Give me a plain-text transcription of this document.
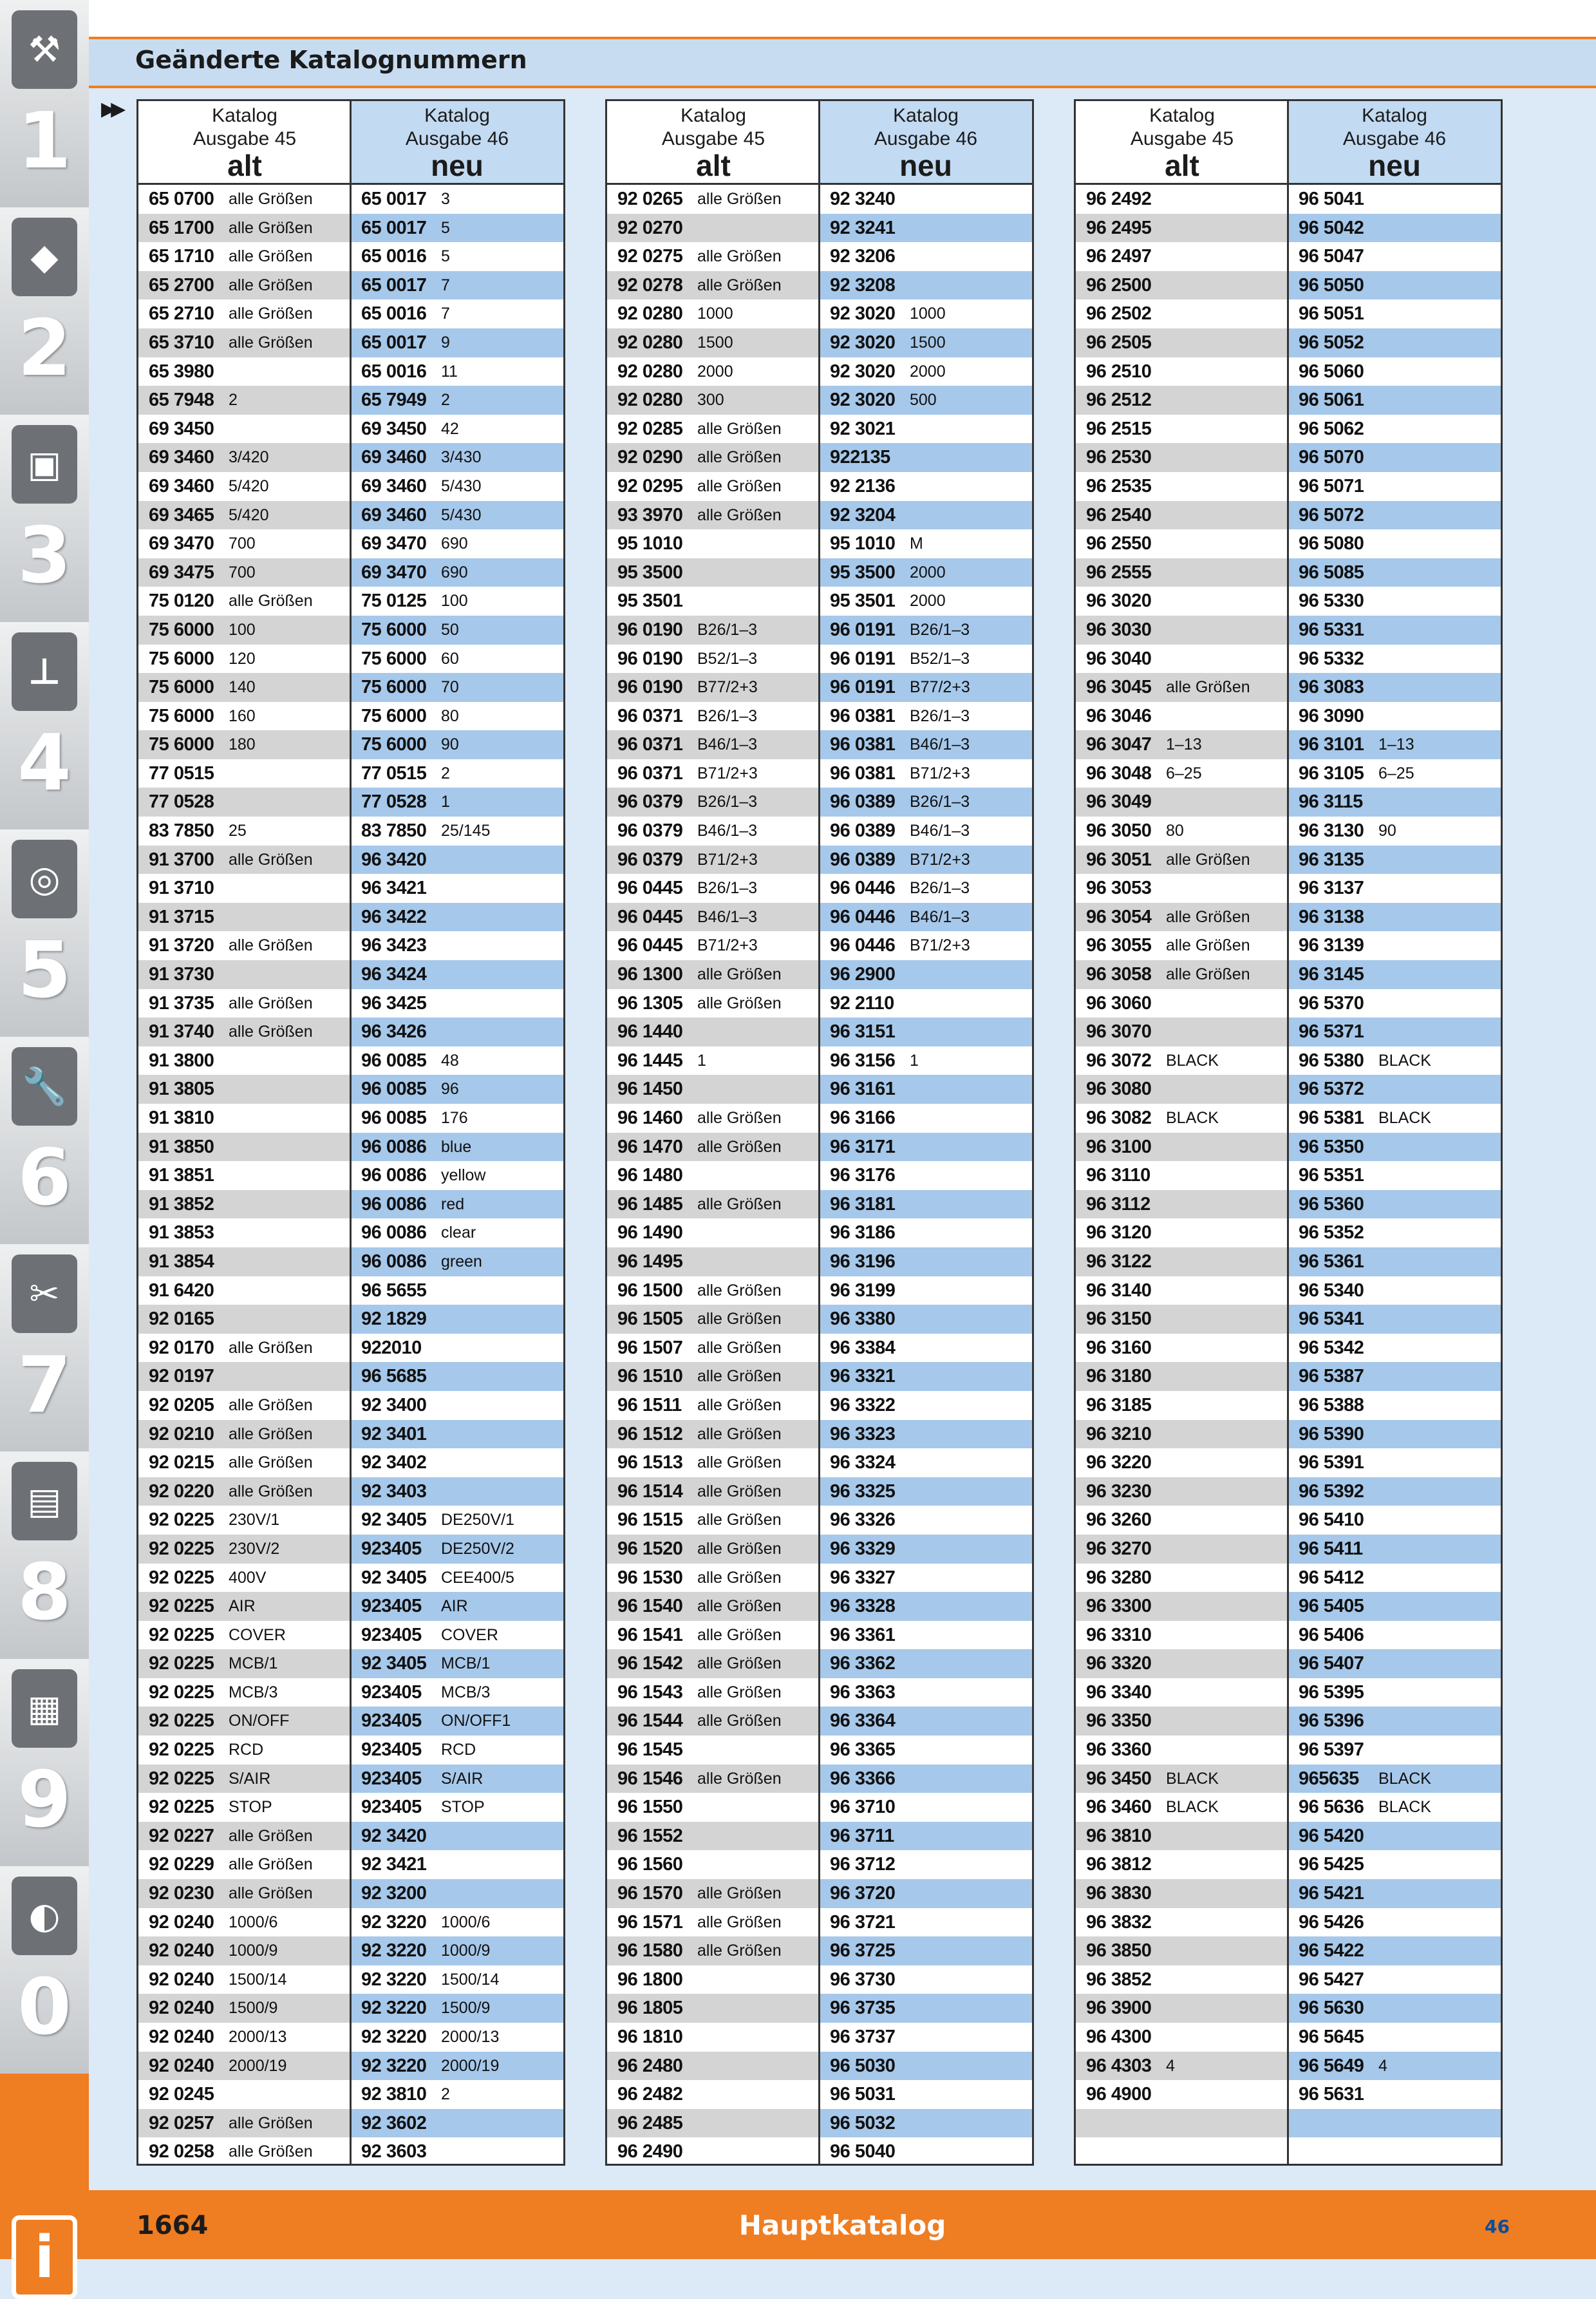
⚒
1
◆
2
▣
3
⊥
4
◎
5
🔧
6
✂
7
▤
8
▦
9
◐
0
i
Geänderte Katalognummern
▶▶	Katalog
Ausgabe 45
alt
Katalog
Ausgabe 46
neu
65 0700 alle Größen	65 0017 3
65 1700 alle Größen	65 0017 5
65 1710 alle Größen	65 0016 5
65 2700 alle Größen	65 0017 7
65 2710 alle Größen	65 0016 7
65 3710 alle Größen	65 0017 9
65 3980	65 0016 11
65 7948 2	65 7949 2
69 3450	69 3450 42
69 3460 3/420	69 3460 3/430
69 3460 5/420	69 3460 5/430
69 3465 5/420	69 3460 5/430
69 3470 700	69 3470 690
69 3475 700	69 3470 690
75 0120 alle Größen	75 0125 100
75 6000 100	75 6000 50
75 6000 120	75 6000 60
75 6000 140	75 6000 70
75 6000 160	75 6000 80
75 6000 180	75 6000 90
77 0515	77 0515 2
77 0528	77 0528 1
83 7850 25	83 7850 25/145
91 3700 alle Größen	96 3420
91 3710	96 3421
91 3715	96 3422
91 3720 alle Größen	96 3423
91 3730	96 3424
91 3735 alle Größen	96 3425
91 3740 alle Größen	96 3426
91 3800	96 0085 48
91 3805	96 0085 96
91 3810	96 0085 176
91 3850	96 0086 blue
91 3851	96 0086 yellow
91 3852	96 0086 red
91 3853	96 0086 clear
91 3854	96 0086 green
91 6420	96 5655
92 0165	92 1829
92 0170 alle Größen	922010
92 0197	96 5685
92 0205 alle Größen	92 3400
92 0210 alle Größen	92 3401
92 0215 alle Größen	92 3402
92 0220 alle Größen	92 3403
92 0225 230V/1	92 3405 DE250V/1
92 0225 230V/2	923405 DE250V/2
92 0225 400V	92 3405 CEE400/5
92 0225 AIR	923405 AIR
92 0225 COVER	923405 COVER
92 0225 MCB/1	92 3405 MCB/1
92 0225 MCB/3	923405 MCB/3
92 0225 ON/OFF	923405 ON/OFF1
92 0225 RCD	923405 RCD
92 0225 S/AIR	923405 S/AIR
92 0225 STOP	923405 STOP
92 0227 alle Größen	92 3420
92 0229 alle Größen	92 3421
92 0230 alle Größen	92 3200
92 0240 1000/6	92 3220 1000/6
92 0240 1000/9	92 3220 1000/9
92 0240 1500/14	92 3220 1500/14
92 0240 1500/9	92 3220 1500/9
92 0240 2000/13	92 3220 2000/13
92 0240 2000/19	92 3220 2000/19
92 0245	92 3810 2
92 0257 alle Größen	92 3602
92 0258 alle Größen	92 3603
Katalog
Ausgabe 45
alt
Katalog
Ausgabe 46
neu
92 0265 alle Größen	92 3240
92 0270	92 3241
92 0275 alle Größen	92 3206
92 0278 alle Größen	92 3208
92 0280 1000	92 3020 1000
92 0280 1500	92 3020 1500
92 0280 2000	92 3020 2000
92 0280 300	92 3020 500
92 0285 alle Größen	92 3021
92 0290 alle Größen	922135
92 0295 alle Größen	92 2136
93 3970 alle Größen	92 3204
95 1010	95 1010 M
95 3500	95 3500 2000
95 3501	95 3501 2000
96 0190 B26/1–3	96 0191 B26/1–3
96 0190 B52/1–3	96 0191 B52/1–3
96 0190 B77/2+3	96 0191 B77/2+3
96 0371 B26/1–3	96 0381 B26/1–3
96 0371 B46/1–3	96 0381 B46/1–3
96 0371 B71/2+3	96 0381 B71/2+3
96 0379 B26/1–3	96 0389 B26/1–3
96 0379 B46/1–3	96 0389 B46/1–3
96 0379 B71/2+3	96 0389 B71/2+3
96 0445 B26/1–3	96 0446 B26/1–3
96 0445 B46/1–3	96 0446 B46/1–3
96 0445 B71/2+3	96 0446 B71/2+3
96 1300 alle Größen	96 2900
96 1305 alle Größen	92 2110
96 1440	96 3151
96 1445 1	96 3156 1
96 1450	96 3161
96 1460 alle Größen	96 3166
96 1470 alle Größen	96 3171
96 1480	96 3176
96 1485 alle Größen	96 3181
96 1490	96 3186
96 1495	96 3196
96 1500 alle Größen	96 3199
96 1505 alle Größen	96 3380
96 1507 alle Größen	96 3384
96 1510 alle Größen	96 3321
96 1511 alle Größen	96 3322
96 1512 alle Größen	96 3323
96 1513 alle Größen	96 3324
96 1514 alle Größen	96 3325
96 1515 alle Größen	96 3326
96 1520 alle Größen	96 3329
96 1530 alle Größen	96 3327
96 1540 alle Größen	96 3328
96 1541 alle Größen	96 3361
96 1542 alle Größen	96 3362
96 1543 alle Größen	96 3363
96 1544 alle Größen	96 3364
96 1545	96 3365
96 1546 alle Größen	96 3366
96 1550	96 3710
96 1552	96 3711
96 1560	96 3712
96 1570 alle Größen	96 3720
96 1571 alle Größen	96 3721
96 1580 alle Größen	96 3725
96 1800	96 3730
96 1805	96 3735
96 1810	96 3737
96 2480	96 5030
96 2482	96 5031
96 2485	96 5032
96 2490	96 5040
Katalog
Ausgabe 45
alt
Katalog
Ausgabe 46
neu
96 2492	96 5041
96 2495	96 5042
96 2497	96 5047
96 2500	96 5050
96 2502	96 5051
96 2505	96 5052
96 2510	96 5060
96 2512	96 5061
96 2515	96 5062
96 2530	96 5070
96 2535	96 5071
96 2540	96 5072
96 2550	96 5080
96 2555	96 5085
96 3020	96 5330
96 3030	96 5331
96 3040	96 5332
96 3045 alle Größen	96 3083
96 3046	96 3090
96 3047 1–13	96 3101 1–13
96 3048 6–25	96 3105 6–25
96 3049	96 3115
96 3050 80	96 3130 90
96 3051 alle Größen	96 3135
96 3053	96 3137
96 3054 alle Größen	96 3138
96 3055 alle Größen	96 3139
96 3058 alle Größen	96 3145
96 3060	96 5370
96 3070	96 5371
96 3072 BLACK	96 5380 BLACK
96 3080	96 5372
96 3082 BLACK	96 5381 BLACK
96 3100	96 5350
96 3110	96 5351
96 3112	96 5360
96 3120	96 5352
96 3122	96 5361
96 3140	96 5340
96 3150	96 5341
96 3160	96 5342
96 3180	96 5387
96 3185	96 5388
96 3210	96 5390
96 3220	96 5391
96 3230	96 5392
96 3260	96 5410
96 3270	96 5411
96 3280	96 5412
96 3300	96 5405
96 3310	96 5406
96 3320	96 5407
96 3340	96 5395
96 3350	96 5396
96 3360	96 5397
96 3450 BLACK	965635 BLACK
96 3460 BLACK	96 5636 BLACK
96 3810	96 5420
96 3812	96 5425
96 3830	96 5421
96 3832	96 5426
96 3850	96 5422
96 3852	96 5427
96 3900	96 5630
96 4300	96 5645
96 4303 4	96 5649 4
96 4900	96 5631
1664	Hauptkatalog	46
